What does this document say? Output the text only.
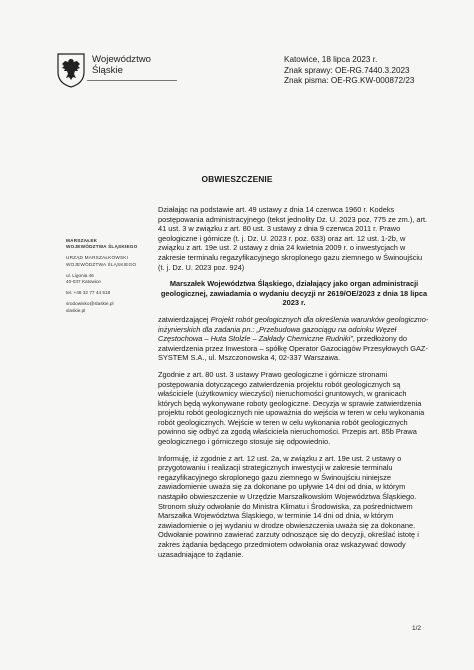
Województwo
Śląskie
Katowice, 18 lipca 2023 r.
Znak sprawy: OE-RG.7440.3.2023
Znak pisma: OE-RG.KW-000872/23
OBWIESZCZENIE
MARSZAŁEK
WOJEWÓDZTWA ŚLĄSKIEGO
URZĄD MARSZAŁKOWSKI
WOJEWÓDZTWA ŚLĄSKIEGO
ul. Ligonia 46
40-037 Katowice
tel. +48 32 77 44 518
srodowisko@slaskie.pl
slaskie.pl

Działając na podstawie art. 49 ustawy z dnia 14 czerwca 1960 r. Kodeks postępowania administracyjnego (tekst jednolity Dz. U. 2023 poz. 775 ze zm.), art. 41 ust. 3 w związku z art. 80 ust. 3 ustawy z dnia 9 czerwca 2011 r. Prawo geologiczne i górnicze (t. j. Dz. U. 2023 r. poz. 633) oraz art. 12 ust. 1-2b, w związku z art. 19e ust. 2 ustawy z dnia 24 kwietnia 2009 r. o inwestycjach w zakresie terminalu regazyfikacyjnego skroplonego gazu ziemnego w Świnoujściu (t. j. Dz. U. 2023 poz. 924)

Marszałek Województwa Śląskiego, działający jako organ administracji geologicznej, zawiadamia o wydaniu decyzji nr 2619/OE/2023 z dnia 18 lipca 2023 r.

zatwierdzającej Projekt robót geologicznych dla określenia warunków geologiczno-inżynierskich dla zadania pn.: „Przebudowa gazociągu na odcinku Węzeł Częstochowa – Huta Stolzle – Zakłady Chemiczne Rudniki”, przedłożony do zatwierdzenia przez Inwestora – spółkę Operator Gazociągów Przesyłowych GAZ-SYSTEM S.A., ul. Mszczonowska 4, 02-337 Warszawa.

Zgodnie z art. 80 ust. 3 ustawy Prawo geologiczne i górnicze stronami postępowania dotyczącego zatwierdzenia projektu robót geologicznych są właściciele (użytkownicy wieczyści) nieruchomości gruntowych, w granicach których będą wykonywane roboty geologiczne. Decyzja w sprawie zatwierdzenia projektu robót geologicznych nie upoważnia do wejścia w teren w celu wykonania robót geologicznych. Wejście w teren w celu wykonania robót geologicznych powinno się odbyć za zgodą właściciela nieruchomości. Przepis art. 85b Prawa geologicznego i górniczego stosuje się odpowiednio.

Informuję, iż zgodnie z art. 12 ust. 2a, w związku z art. 19e ust. 2 ustawy o przygotowaniu i realizacji strategicznych inwestycji w zakresie terminalu regazyfikacyjnego skroplonego gazu ziemnego w Świnoujściu niniejsze zawiadomienie uważa się za dokonane po upływie 14 dni od dnia, w którym nastąpiło obwieszczenie w Urzędzie Marszałkowskim Województwa Śląskiego. Stronom służy odwołanie do Ministra Klimatu i Środowiska, za pośrednictwem Marszałka Województwa Śląskiego, w terminie 14 dni od dnia, w którym zawiadomienie o jej wydaniu w drodze obwieszczenia uważa się za dokonane. Odwołanie powinno zawierać zarzuty odnoszące się do decyzji, określać istotę i zakres żądania będącego przedmiotem odwołania oraz wskazywać dowody uzasadniające to żądanie.

1/2
